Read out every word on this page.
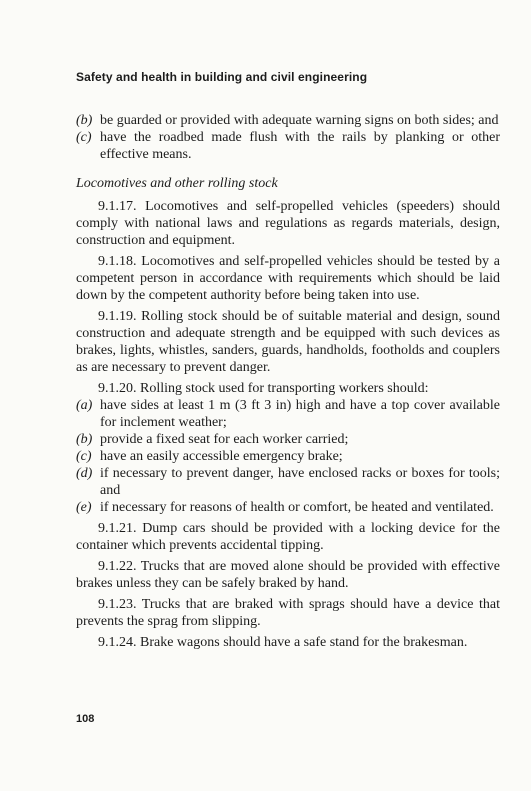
Safety and health in building and civil engineering
(b) be guarded or provided with adequate warning signs on both sides; and
(c) have the roadbed made flush with the rails by planking or other effective means.
Locomotives and other rolling stock

9.1.17. Locomotives and self-propelled vehicles (speeders) should comply with national laws and regulations as regards materials, design, construction and equipment.

9.1.18. Locomotives and self-propelled vehicles should be tested by a competent person in accordance with requirements which should be laid down by the competent authority before being taken into use.

9.1.19. Rolling stock should be of suitable material and design, sound construction and adequate strength and be equipped with such devices as brakes, lights, whistles, sanders, guards, handholds, footholds and couplers as are necessary to prevent danger.

9.1.20. Rolling stock used for transporting workers should:

(a) have sides at least 1 m (3 ft 3 in) high and have a top cover available for inclement weather;
(b) provide a fixed seat for each worker carried;
(c) have an easily accessible emergency brake;
(d) if necessary to prevent danger, have enclosed racks or boxes for tools; and
(e) if necessary for reasons of health or comfort, be heated and ventilated.

9.1.21. Dump cars should be provided with a locking device for the container which prevents accidental tipping.

9.1.22. Trucks that are moved alone should be provided with effective brakes unless they can be safely braked by hand.

9.1.23. Trucks that are braked with sprags should have a device that prevents the sprag from slipping.

9.1.24. Brake wagons should have a safe stand for the brakesman.

108
